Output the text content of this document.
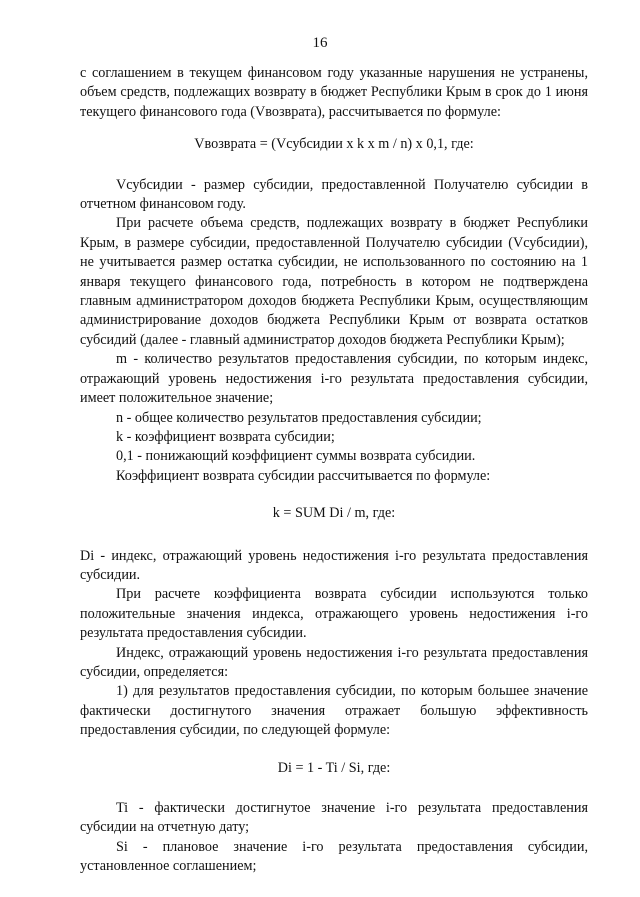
16

с соглашением в текущем финансовом году указанные нарушения не устранены, объем средств, подлежащих возврату в бюджет Республики Крым в срок до 1 июня текущего финансового года (Vвозврата), рассчитывается по формуле:

Vвозврата = (Vсубсидии x k x m / n) x 0,1, где:

Vсубсидии - размер субсидии, предоставленной Получателю субсидии в отчетном финансовом году.

При расчете объема средств, подлежащих возврату в бюджет Республики Крым, в размере субсидии, предоставленной Получателю субсидии (Vсубсидии), не учитывается размер остатка субсидии, не использованного по состоянию на 1 января текущего финансового года, потребность в котором не подтверждена главным администратором доходов бюджета Республики Крым, осуществляющим администрирование доходов бюджета Республики Крым от возврата остатков субсидий (далее - главный администратор доходов бюджета Республики Крым);

m - количество результатов предоставления субсидии, по которым индекс, отражающий уровень недостижения i-го результата предоставления субсидии, имеет положительное значение;

n - общее количество результатов предоставления субсидии;

k - коэффициент возврата субсидии;

0,1 - понижающий коэффициент суммы возврата субсидии.

Коэффициент возврата субсидии рассчитывается по формуле:

k = SUM Di / m, где:

Di - индекс, отражающий уровень недостижения i-го результата предоставления субсидии.

При расчете коэффициента возврата субсидии используются только положительные значения индекса, отражающего уровень недостижения i-го результата предоставления субсидии.

Индекс, отражающий уровень недостижения i-го результата предоставления субсидии, определяется:

1) для результатов предоставления субсидии, по которым большее значение фактически достигнутого значения отражает большую эффективность предоставления субсидии, по следующей формуле:

Di = 1 - Ti / Si, где:

Ti - фактически достигнутое значение i-го результата предоставления субсидии на отчетную дату;

Si - плановое значение i-го результата предоставления субсидии, установленное соглашением;
